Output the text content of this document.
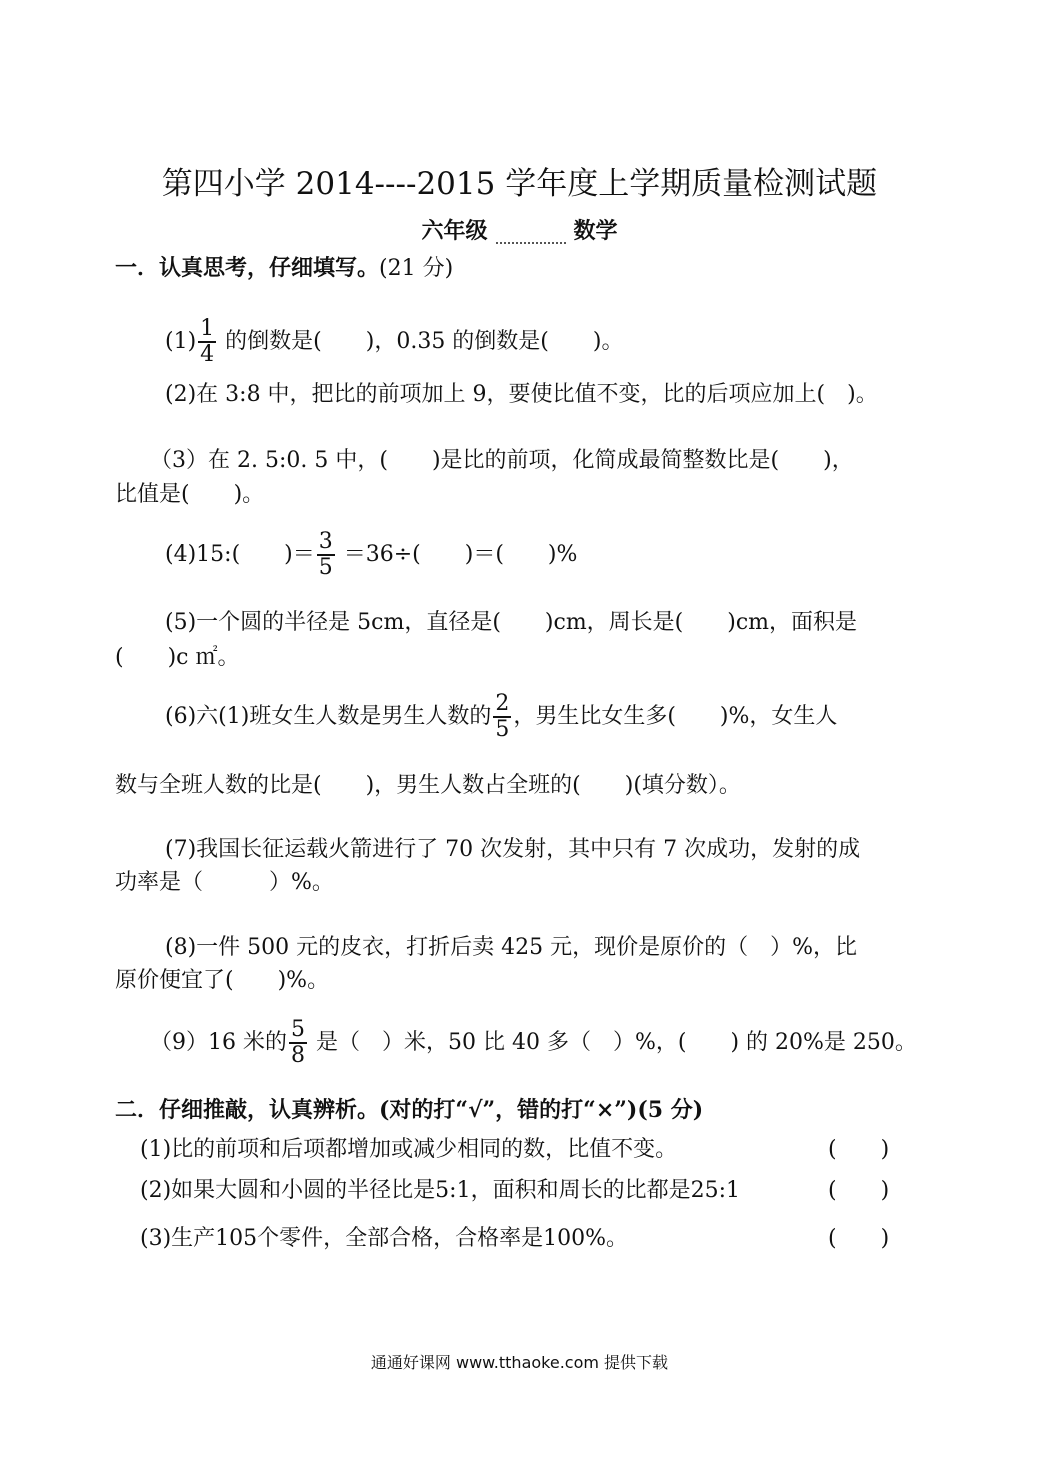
第四小学 2014----2015 学年度上学期质量检测试题
六年级	数学
一．认真思考，仔细填写。(21 分)
$(1) \frac{1}{4}$ 的倒数是(　　)，0.35 的倒数是(　　)。
(2)在 3:8 中，把比的前项加上 9，要使比值不变，比的后项应加上(　)。
（3）在 2. 5:0. 5 中，(　　)是比的前项，化简成最简整数比是(　　)，
比值是(　　)。
(4)15:(　　)＝ $\frac{3}{5} =36\div$(　　)＝(　　)%
(5)一个圆的半径是 5cm，直径是(　　)cm，周长是(　　)cm，面积是
(　　)c ㎡。
(6)六(1)班女生人数是男生人数的 $\frac{2}{5}$ ，男生比女生多(　　)%，女生人
数与全班人数的比是(　　)，男生人数占全班的(　　)(填分数）。
(7)我国长征运载火箭进行了 70 次发射，其中只有 7 次成功，发射的成
功率是（　　　）%。
(8)一件 500 元的皮衣，打折后卖 425 元，现价是原价的（　）%，比
原价便宜了(　　)%。
（9）16 米的 $\frac{5}{8}$ 是（　）米，50 比 40 多（　）%，(　　) 的 20%是 250。
二．仔细推敲，认真辨析。(对的打“√”，错的打“×”)(5 分)
(1)比的前项和后项都增加或减少相同的数，比值不变。	(　　)
(2)如果大圆和小圆的半径比是5:1，面积和周长的比都是25:1	(　　)
(3)生产105个零件，全部合格，合格率是100%。	(　　)
通通好课网 www.tthaoke.com 提供下载
